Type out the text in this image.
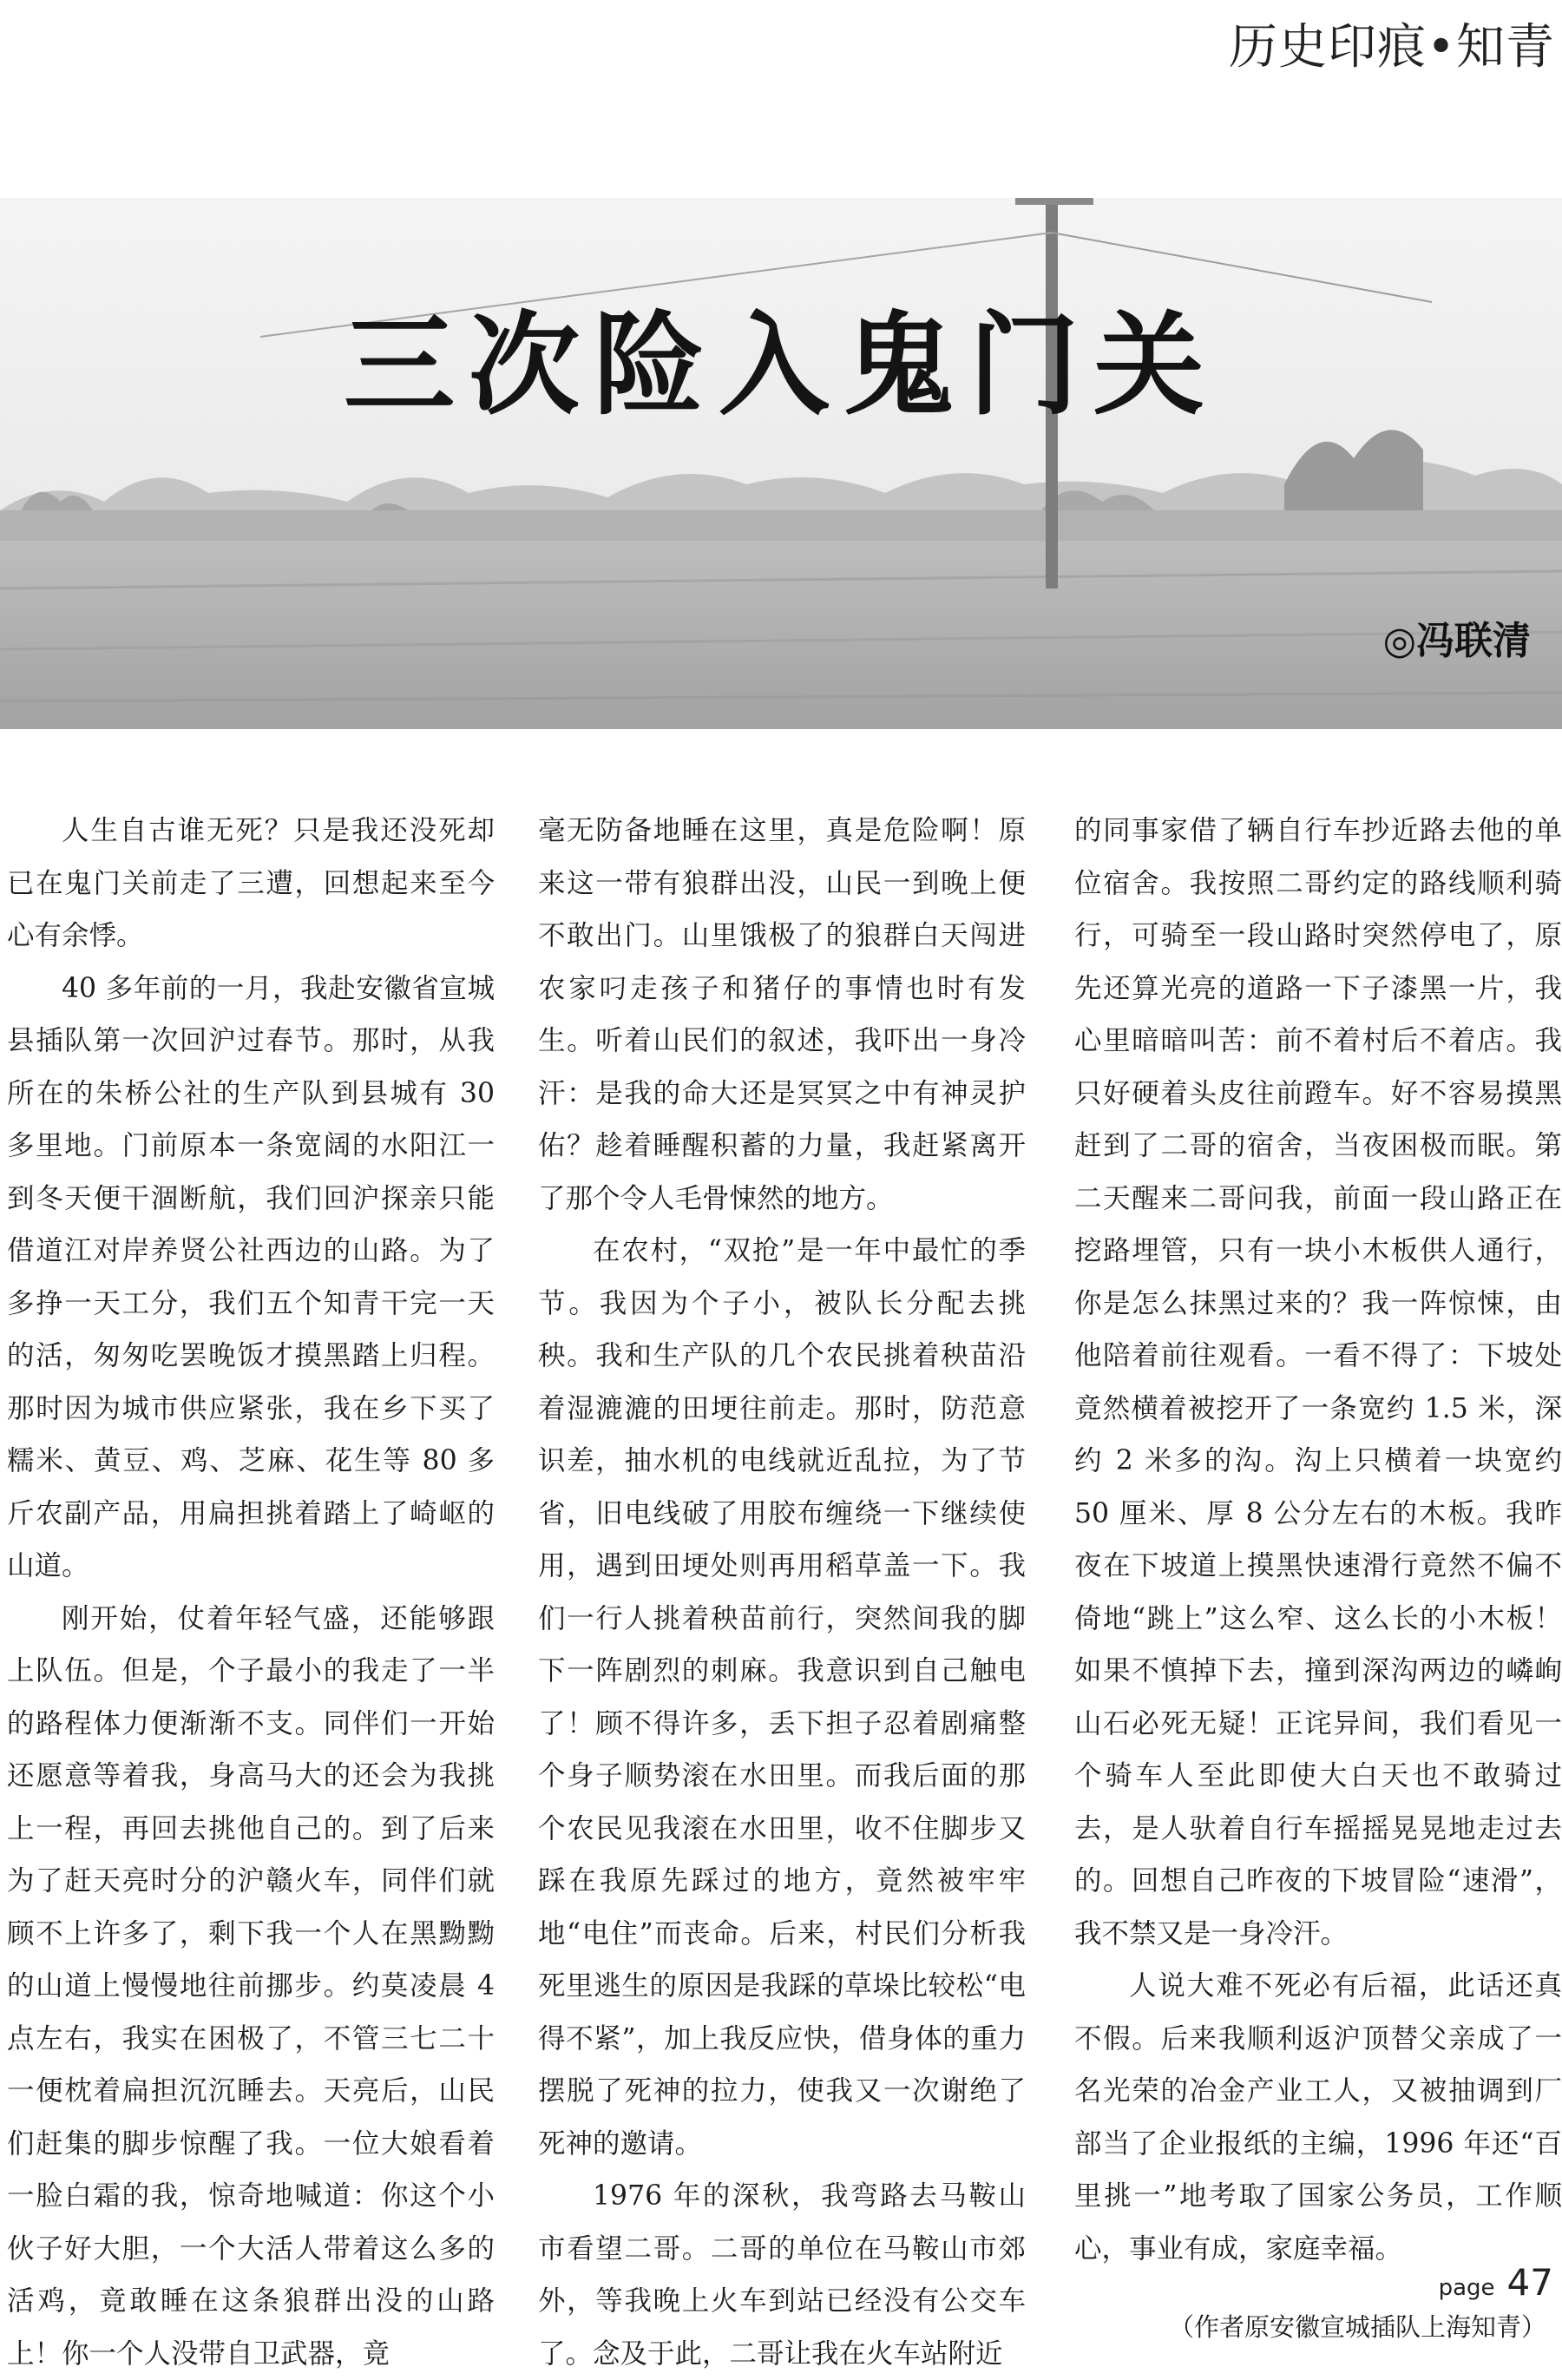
历史印痕•知青
三次险入鬼门关
◎冯联清

人生自古谁无死？只是我还没死却已在鬼门关前走了三遭，回想起来至今心有余悸。

40 多年前的一月，我赴安徽省宣城县插队第一次回沪过春节。那时，从我所在的朱桥公社的生产队到县城有 30 多里地。门前原本一条宽阔的水阳江一到冬天便干涸断航，我们回沪探亲只能借道江对岸养贤公社西边的山路。为了多挣一天工分，我们五个知青干完一天的活，匆匆吃罢晚饭才摸黑踏上归程。那时因为城市供应紧张，我在乡下买了糯米、黄豆、鸡、芝麻、花生等 80 多斤农副产品，用扁担挑着踏上了崎岖的山道。

刚开始，仗着年轻气盛，还能够跟上队伍。但是，个子最小的我走了一半的路程体力便渐渐不支。同伴们一开始还愿意等着我，身高马大的还会为我挑上一程，再回去挑他自己的。到了后来为了赶天亮时分的沪赣火车，同伴们就顾不上许多了，剩下我一个人在黑黝黝的山道上慢慢地往前挪步。约莫凌晨 4 点左右，我实在困极了，不管三七二十一便枕着扁担沉沉睡去。天亮后，山民们赶集的脚步惊醒了我。一位大娘看着一脸白霜的我，惊奇地喊道：你这个小伙子好大胆，一个大活人带着这么多的活鸡，竟敢睡在这条狼群出没的山路上！你一个人没带自卫武器，竟

毫无防备地睡在这里，真是危险啊！原来这一带有狼群出没，山民一到晚上便不敢出门。山里饿极了的狼群白天闯进农家叼走孩子和猪仔的事情也时有发生。听着山民们的叙述，我吓出一身冷汗：是我的命大还是冥冥之中有神灵护佑？趁着睡醒积蓄的力量，我赶紧离开了那个令人毛骨悚然的地方。

在农村，“双抢”是一年中最忙的季节。我因为个子小，被队长分配去挑秧。我和生产队的几个农民挑着秧苗沿着湿漉漉的田埂往前走。那时，防范意识差，抽水机的电线就近乱拉，为了节省，旧电线破了用胶布缠绕一下继续使用，遇到田埂处则再用稻草盖一下。我们一行人挑着秧苗前行，突然间我的脚下一阵剧烈的刺麻。我意识到自己触电了！顾不得许多，丢下担子忍着剧痛整个身子顺势滚在水田里。而我后面的那个农民见我滚在水田里，收不住脚步又踩在我原先踩过的地方，竟然被牢牢地“电住”而丧命。后来，村民们分析我死里逃生的原因是我踩的草垛比较松“电得不紧”，加上我反应快，借身体的重力摆脱了死神的拉力，使我又一次谢绝了死神的邀请。

1976 年的深秋，我弯路去马鞍山市看望二哥。二哥的单位在马鞍山市郊外，等我晚上火车到站已经没有公交车了。念及于此，二哥让我在火车站附近

的同事家借了辆自行车抄近路去他的单位宿舍。我按照二哥约定的路线顺利骑行，可骑至一段山路时突然停电了，原先还算光亮的道路一下子漆黑一片，我心里暗暗叫苦：前不着村后不着店。我只好硬着头皮往前蹬车。好不容易摸黑赶到了二哥的宿舍，当夜困极而眠。第二天醒来二哥问我，前面一段山路正在挖路埋管，只有一块小木板供人通行，你是怎么抹黑过来的？我一阵惊悚，由他陪着前往观看。一看不得了：下坡处竟然横着被挖开了一条宽约 1.5 米，深约 2 米多的沟。沟上只横着一块宽约 50 厘米、厚 8 公分左右的木板。我昨夜在下坡道上摸黑快速滑行竟然不偏不倚地“跳上”这么窄、这么长的小木板！如果不慎掉下去，撞到深沟两边的嶙峋山石必死无疑！正诧异间，我们看见一个骑车人至此即使大白天也不敢骑过去，是人驮着自行车摇摇晃晃地走过去的。回想自己昨夜的下坡冒险“速滑”，我不禁又是一身冷汗。

人说大难不死必有后福，此话还真不假。后来我顺利返沪顶替父亲成了一名光荣的冶金产业工人，又被抽调到厂部当了企业报纸的主编，1996 年还“百里挑一”地考取了国家公务员，工作顺心，事业有成，家庭幸福。

（作者原安徽宣城插队上海知青）

page 47
